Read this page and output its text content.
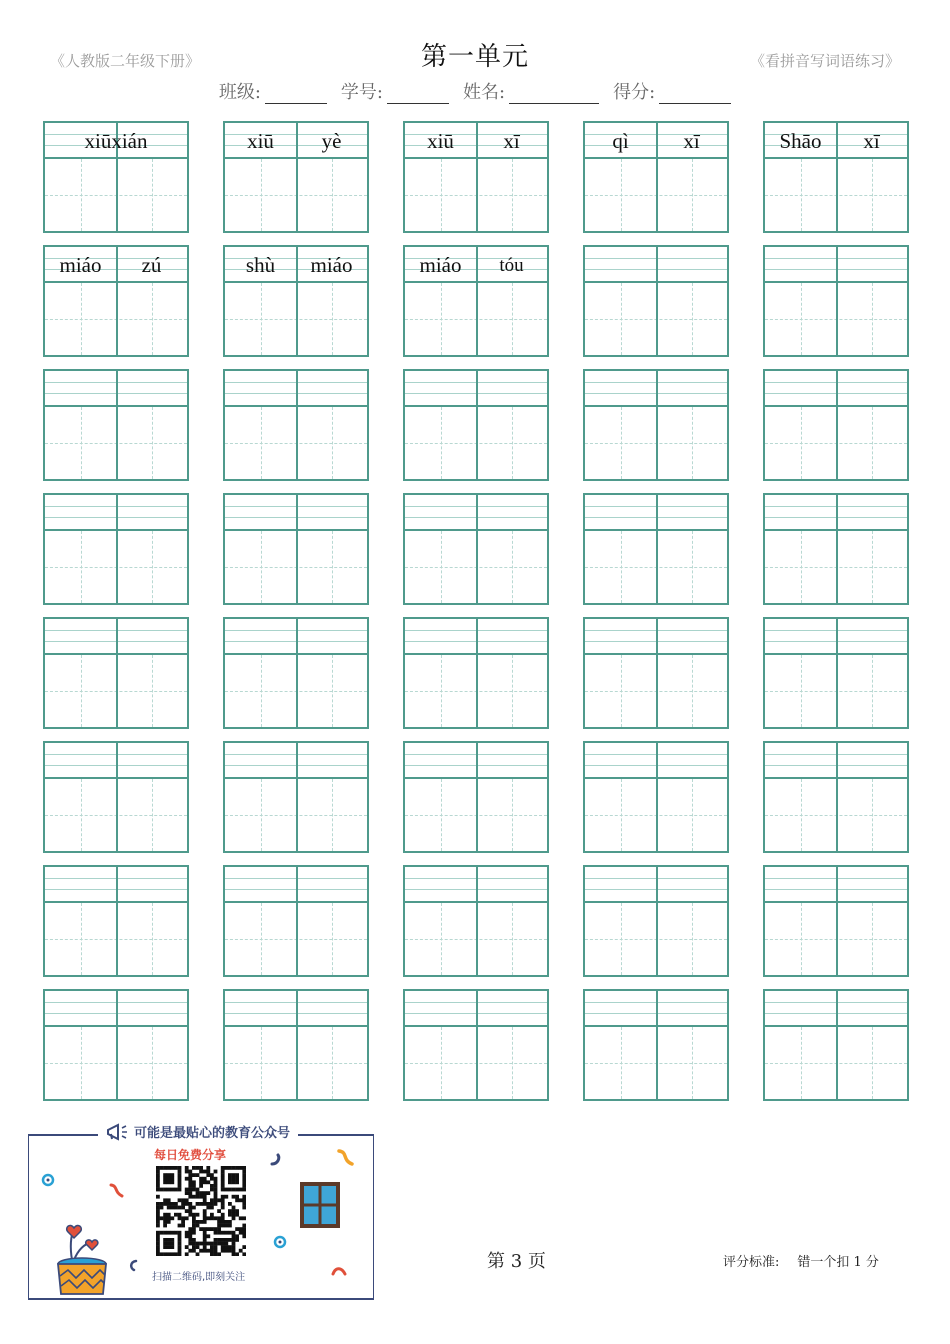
《人教版二年级下册》	第一单元	《看拼音写词语练习》
班级:	学号:	姓名:	得分:
xiūxián	xiū	yè	xiū	xī	qì	xī	Shāo	xī
miáo	zú	shù	miáo	miáo	tóu
可能是最贴心的教育公众号
每日免费分享
扫描二维码,即刻关注
第 3 页	评分标准: 错一个扣 1 分
